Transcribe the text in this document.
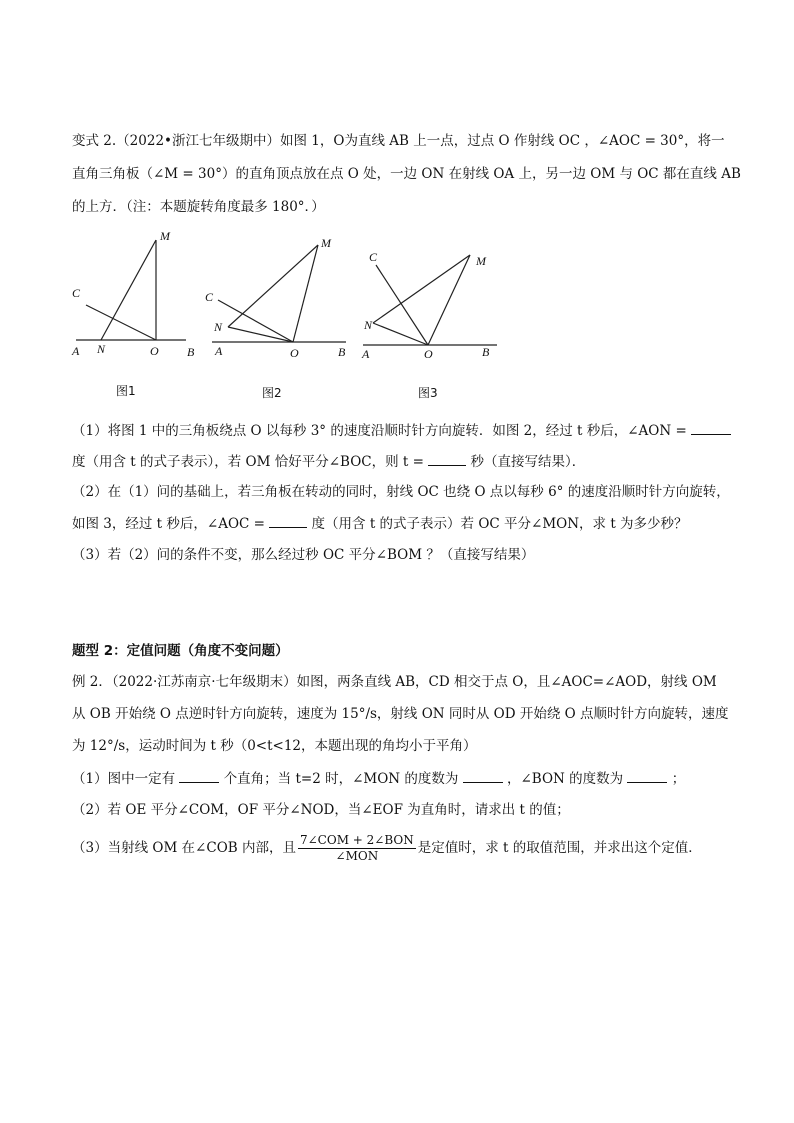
变式 2.（2022•浙江七年级期中）如图 1，O为直线 AB 上一点，过点 O 作射线 OC ，∠AOC = 30°，将一
直角三角板（∠M = 30°）的直角顶点放在点 O 处，一边 ON 在射线 OA 上，另一边 OM 与 OC 都在直线 AB
的上方．（注：本题旋转角度最多 180°．）
M
C
A N	O B
M
C
N
A	O	B
C	M
N
A	O	B
图1	图2	图3
（1）将图 1 中的三角板绕点 O 以每秒 3° 的速度沿顺时针方向旋转．如图 2，经过 t 秒后，∠AON =
度（用含 t 的式子表示），若 OM 恰好平分∠BOC，则 t =	秒（直接写结果）．
（2）在（1）问的基础上，若三角板在转动的同时，射线 OC 也绕 O 点以每秒 6° 的速度沿顺时针方向旋转，
如图 3，经过 t 秒后，∠AOC =	度（用含 t 的式子表示）若 OC 平分∠MON，求 t 为多少秒？
（3）若（2）问的条件不变，那么经过秒 OC 平分∠BOM ？（直接写结果）
题型 2：定值问题（角度不变问题）
例 2．（2022·江苏南京·七年级期末）如图，两条直线 AB，CD 相交于点 O，且∠AOC=∠AOD，射线 OM
从 OB 开始绕 O 点逆时针方向旋转，速度为 15°/s，射线 ON 同时从 OD 开始绕 O 点顺时针方向旋转，速度
为 12°/s，运动时间为 t 秒（0<t<12，本题出现的角均小于平角）
（1）图中一定有	个直角；当 t=2 时，∠MON 的度数为	，∠BON 的度数为	；
（2）若 OE 平分∠COM，OF 平分∠NOD，当∠EOF 为直角时，请求出 t 的值；
（3）当射线 OM 在∠COB 内部，且 $\frac{\text{7∠COM + 2∠BON}}{\text{∠MON}}$ 是定值时，求 t 的取值范围，并求出这个定值．
